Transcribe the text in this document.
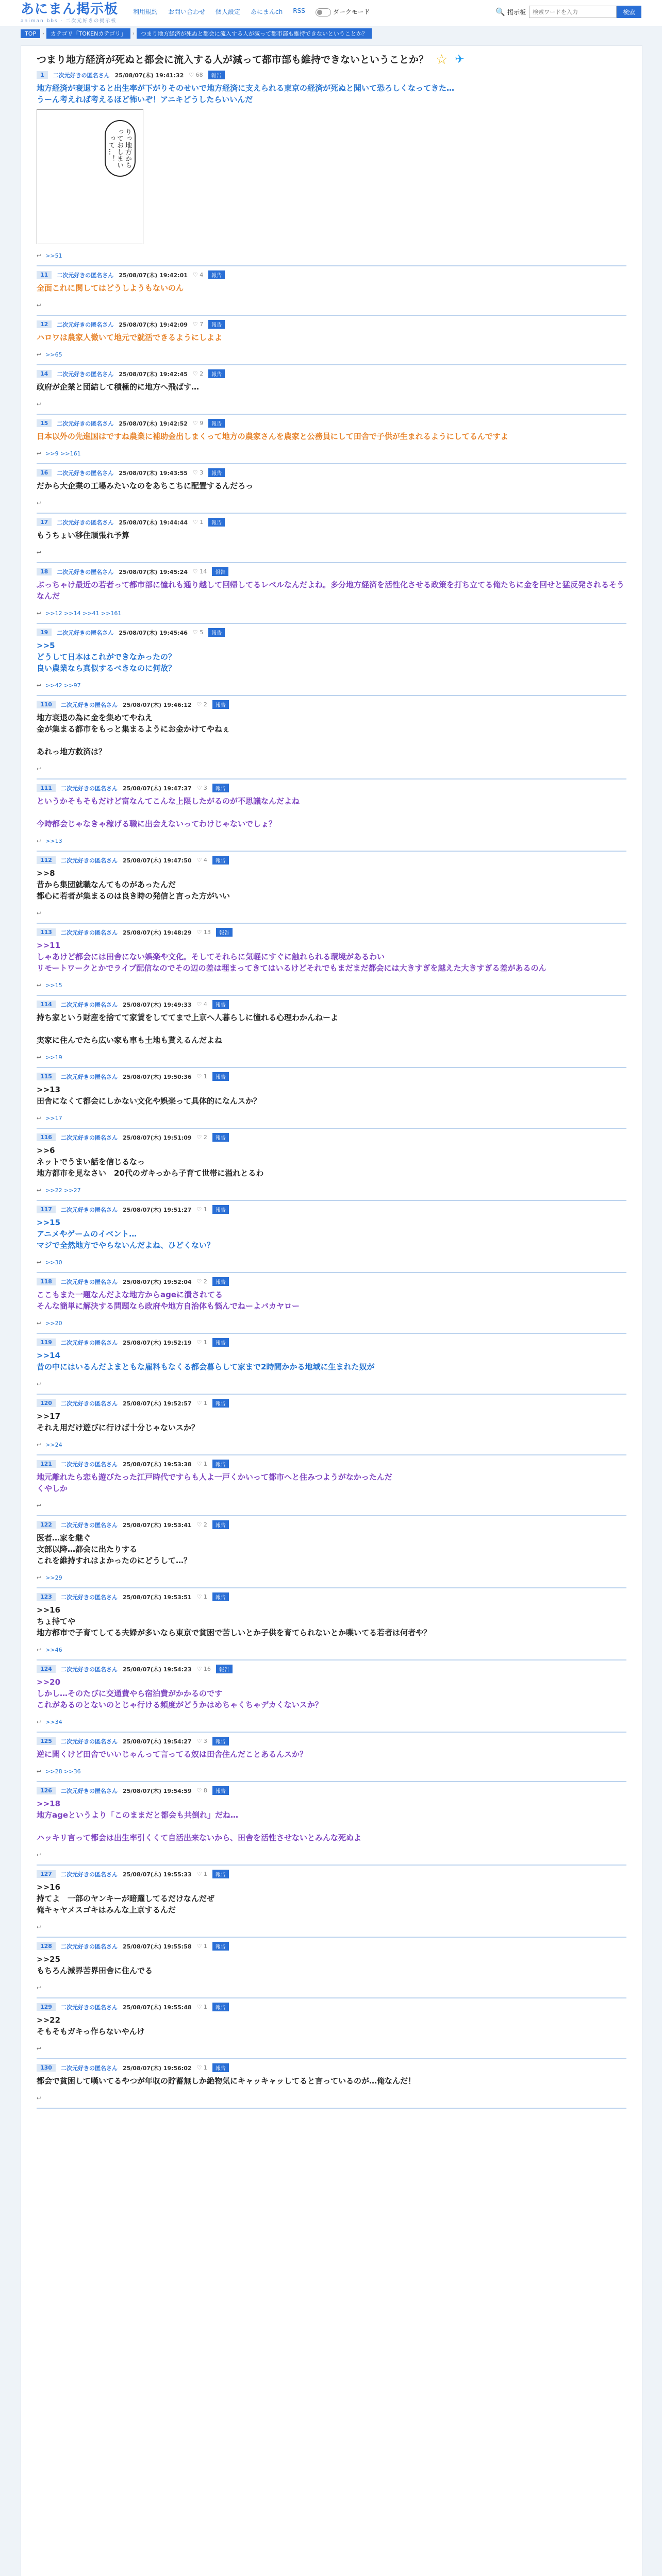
あにまん掲示板
animan bbs · 二次元好きの掲示板
利用規約 お問い合わせ 個人設定 あにまんch RSS	ダークモード	🔍 掲示板
検索ワードを入力	検索
TOP	›	カテゴリ「TOKENカテゴリ」	›	つまり地方経済が死ぬと都会に流入する人が減って都市部も維持できないということか？
つまり地方経済が死ぬと都会に流入する人が減って都市部も維持できないということか？ ☆ ✈
1	二次元好きの匿名さん 25/08/07(木) 19:41:32 ♡ 68	報告
地方経済が衰退すると出生率が下がりそのせいで地方経済に支えられる東京の経済が死ぬと聞いて恐ろしくなってきた…
うーん考えれば考えるほど怖いぞ！アニキどうしたらいいんだ
りっ地方からっておしまいって…！
↩ >>51
11	二次元好きの匿名さん 25/08/07(木) 19:42:01 ♡ 4	報告
全面これに関してはどうしようもないのん
↩
12	二次元好きの匿名さん 25/08/07(木) 19:42:09 ♡ 7	報告
ハロワは農家人微いて地元で就活できるようにしよよ
↩ >>65
14	二次元好きの匿名さん 25/08/07(木) 19:42:45 ♡ 2	報告
政府が企業と団結して積極的に地方へ飛ばす…
↩
15	二次元好きの匿名さん 25/08/07(木) 19:42:52 ♡ 9	報告
日本以外の先進国はですね農業に補助金出しまくって地方の農家さんを農家と公務員にして田舎で子供が生まれるようにしてるんですよ
↩ >>9 >>161
16	二次元好きの匿名さん 25/08/07(木) 19:43:55 ♡ 3	報告
だから大企業の工場みたいなのをあちこちに配置するんだろっ
↩
17	二次元好きの匿名さん 25/08/07(木) 19:44:44 ♡ 1	報告
もうちょい移住頑張れ予算
↩
18	二次元好きの匿名さん 25/08/07(木) 19:45:24 ♡ 14	報告
ぶっちゃけ最近の若者って都市部に憧れも通り越して回帰してるレベルなんだよね。多分地方経済を活性化させる政策を打ち立てる俺たちに金を回せと猛反発されるそうなんだ
↩ >>12 >>14 >>41 >>161
19	二次元好きの匿名さん 25/08/07(木) 19:45:46 ♡ 5	報告
>>5
どうして日本はこれができなかったの？
良い農業なら真似するべきなのに何故？
↩ >>42 >>97
110	二次元好きの匿名さん 25/08/07(木) 19:46:12 ♡ 2	報告
地方衰退の為に金を集めてやねえ
金が集まる都市をもっと集まるようにお金かけてやねぇ

あれっ地方救済は？
↩
111	二次元好きの匿名さん 25/08/07(木) 19:47:37 ♡ 3	報告
というかそもそもだけど富なんてこんな上限したがるのが不思議なんだよね

今時都会じゃなきゃ稼げる職に出会えないってわけじゃないでしょ？
↩ >>13
112	二次元好きの匿名さん 25/08/07(木) 19:47:50 ♡ 4	報告
>>8
昔から集団就職なんてものがあったんだ
都心に若者が集まるのは良き時の発信と言った方がいい
↩
113	二次元好きの匿名さん 25/08/07(木) 19:48:29 ♡ 13	報告
>>11
しゃあけど都会には田舎にない娯楽や文化。そしてそれらに気軽にすぐに触れられる環境があるわい
リモートワークとかでライブ配信なのでその辺の差は埋まってきてはいるけどそれでもまだまだ都会には大きすぎを越えた大きすぎる差があるのん
↩ >>15
114	二次元好きの匿名さん 25/08/07(木) 19:49:33 ♡ 4	報告
持ち家という財産を捨てて家賃をしててまで上京へ人暮らしに憧れる心理わかんねーよ

実家に住んでたら広い家も車も土地も貰えるんだよね
↩ >>19
115	二次元好きの匿名さん 25/08/07(木) 19:50:36 ♡ 1	報告
>>13
田舎になくて都会にしかない文化や娯楽って具体的になんスか？
↩ >>17
116	二次元好きの匿名さん 25/08/07(木) 19:51:09 ♡ 2	報告
>>6
ネットでうまい話を信じるなっ
地方都市を見なさい　20代のガキっから子育て世帯に溢れとるわ
↩ >>22 >>27
117	二次元好きの匿名さん 25/08/07(木) 19:51:27 ♡ 1	報告
>>15
アニメやゲームのイベント…
マジで全然地方でやらないんだよね、ひどくない？
↩ >>30
118	二次元好きの匿名さん 25/08/07(木) 19:52:04 ♡ 2	報告
ここもまた一題なんだよな地方からageに潰されてる
そんな簡単に解決する問題なら政府や地方自治体も悩んでねーよバカヤロー
↩ >>20
119	二次元好きの匿名さん 25/08/07(木) 19:52:19 ♡ 1	報告
>>14
昔の中にはいるんだよまともな雇料もなくる都会暮らして家まで2時間かかる地域に生まれた奴が
↩
120	二次元好きの匿名さん 25/08/07(木) 19:52:57 ♡ 1	報告
>>17
それえ用だけ遊びに行けば十分じゃないスか？
↩ >>24
121	二次元好きの匿名さん 25/08/07(木) 19:53:38 ♡ 1	報告
地元離れたら恋も遊びたった江戸時代ですらも人よ一戸くかいって都市へと住みつようがなかったんだ
くやしか
↩
122	二次元好きの匿名さん 25/08/07(木) 19:53:41 ♡ 2	報告
医者…家を継ぐ
文部以降…都会に出たりする
これを維持すれはよかったのにどうして…？
↩ >>29
123	二次元好きの匿名さん 25/08/07(木) 19:53:51 ♡ 1	報告
>>16
ちょ持てや
地方都市で子育てしてる夫婦が多いなら東京で貧困で苦しいとか子供を育てられないとか喋いてる若者は何者や？
↩ >>46
124	二次元好きの匿名さん 25/08/07(木) 19:54:23 ♡ 16	報告
>>20
しかし…そのたびに交通費やら宿泊費がかかるのです
これがあるのとないのとじゃ行ける頻度がどうかはめちゃくちゃデカくないスか？
↩ >>34
125	二次元好きの匿名さん 25/08/07(木) 19:54:27 ♡ 3	報告
逆に聞くけど田舎でいいじゃんって言ってる奴は田舎住んだことあるんスか？
↩ >>28 >>36
126	二次元好きの匿名さん 25/08/07(木) 19:54:59 ♡ 8	報告
>>18
地方ageというより「このままだと都会も共倒れ」だね…

ハッキリ言って都会は出生率引くくて自活出来ないから、田舎を活性させないとみんな死ぬよ
↩
127	二次元好きの匿名さん 25/08/07(木) 19:55:33 ♡ 1	報告
>>16
持てよ　一部のヤンキーが暗躍してるだけなんだぜ
俺キャヤメスゴキはみんな上京するんだ
↩
128	二次元好きの匿名さん 25/08/07(木) 19:55:58 ♡ 1	報告
>>25
もちろん減界苦界田舎に住んでる
↩
129	二次元好きの匿名さん 25/08/07(木) 19:55:48 ♡ 1	報告
>>22
そもそもガキっ作らないやんけ
↩
130	二次元好きの匿名さん 25/08/07(木) 19:56:02 ♡ 1	報告
都会で貧困して嘆いてるやつが年収の貯蓄無しか絶物気にキャッキャッしてると言っているのが…俺なんだ！
↩
